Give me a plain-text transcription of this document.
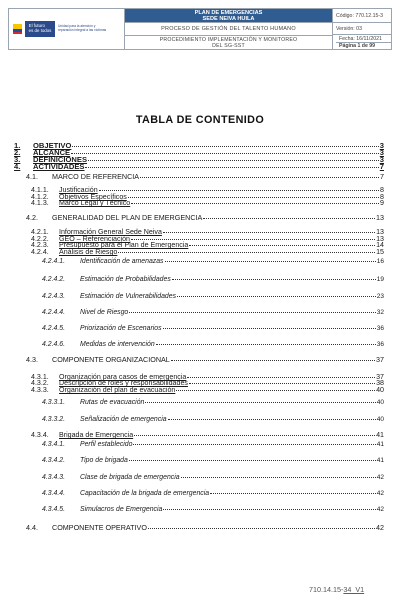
El futuro
es de todos
Unidad para la atención y reparación integral a las víctimas
PLAN DE EMERGENCIAS
SEDE NEIVA HUILA
PROCESO DE GESTIÓN DEL TALENTO HUMANO
PROCEDIMIENTO IMPLEMENTACIÓN Y MONITOREO
DEL SG-SST
Código: 770.12.15-3
Versión: 03
Fecha: 16/11/2021
Página 1 de 99
TABLA DE CONTENIDO
1.	OBJETIVO	3
2.	ALCANCE	3
3.	DEFINICIONES	3
4.	ACTIVIDADES	7
4.1.	MARCO DE REFERENCIA	7
4.1.1.	Justificación	8
4.1.2.	Objetivos Específicos	8
4.1.3.	Marco Legal y Técnico	9
4.2.	GENERALIDAD DEL PLAN DE EMERGENCIA	13
4.2.1.	Información General Sede Neiva	13
4.2.2.	GEO – Referenciación	13
4.2.3.	Presupuesto para el Plan de Emergencia	14
4.2.4.	Análisis de Riesgo	15
4.2.4.1.	Identificación de amenazas	16
4.2.4.2.	Estimación de Probabilidades	19
4.2.4.3.	Estimación de Vulnerabilidades	23
4.2.4.4.	Nivel de Riesgo	32
4.2.4.5.	Priorización de Escenarios	36
4.2.4.6.	Medidas de intervención	36
4.3.	COMPONENTE ORGANIZACIONAL	37
4.3.1.	Organización para casos de emergencia	37
4.3.2.	Descripción de roles y responsabilidades	38
4.3.3.	Organización del plan de evacuación	40
4.3.3.1.	Rutas de evacuación	40
4.3.3.2.	Señalización de emergencia	40
4.3.4.	Brigada de Emergencia	41
4.3.4.1.	Perfil establecido	41
4.3.4.2.	Tipo de brigada	41
4.3.4.3.	Clase de brigada de emergencia	42
4.3.4.4.	Capacitación de la brigada de emergencia	42
4.3.4.5.	Simulacros de Emergencia	42
4.4.	COMPONENTE OPERATIVO	42
710.14.15-34_V1
